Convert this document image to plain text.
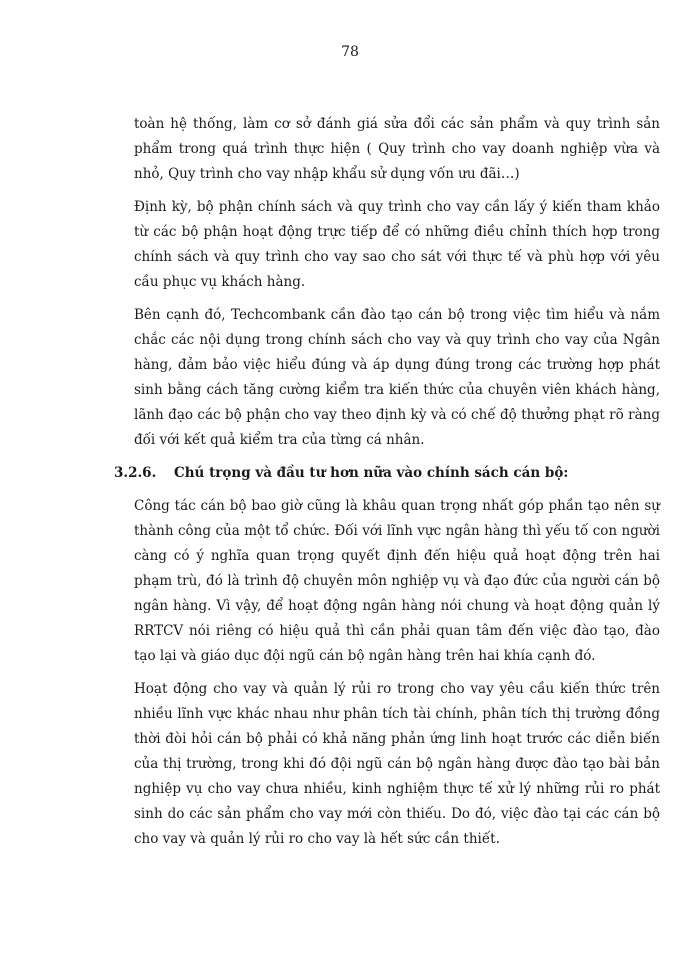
78

toàn hệ thống, làm cơ sở đánh giá sửa đổi các sản phẩm và quy trình sản phẩm trong quá trình thực hiện ( Quy trình cho vay doanh nghiệp vừa và nhỏ, Quy trình cho vay nhập khẩu sử dụng vốn ưu đãi…)

Định kỳ, bộ phận chính sách và quy trình cho vay cần lấy ý kiến tham khảo từ các bộ phận hoạt động trực tiếp để có những điều chỉnh thích hợp trong chính sách và quy trình cho vay sao cho sát với thực tế và phù hợp với yêu cầu phục vụ khách hàng.

Bên cạnh đó, Techcombank cần đào tạo cán bộ trong việc tìm hiểu và nắm chắc các nội dụng trong chính sách cho vay và quy trình cho vay của Ngân hàng, đảm bảo việc hiểu đúng và áp dụng đúng trong các trường hợp phát sinh bằng cách tăng cường kiểm tra kiến thức của chuyên viên khách hàng, lãnh đạo các bộ phận cho vay theo định kỳ và có chế độ thưởng phạt rõ ràng đối với kết quả kiểm tra của từng cá nhân.

3.2.6. Chú trọng và đầu tư hơn nữa vào chính sách cán bộ:

Công tác cán bộ bao giờ cũng là khâu quan trọng nhất góp phần tạo nên sự thành công của một tổ chức. Đối với lĩnh vực ngân hàng thì yếu tố con người càng có ý nghĩa quan trọng quyết định đến hiệu quả hoạt động trên hai phạm trù, đó là trình độ chuyên môn nghiệp vụ và đạo đức của người cán bộ ngân hàng. Vì vậy, để hoạt động ngân hàng nói chung và hoạt động quản lý RRTCV nói riêng có hiệu quả thì cần phải quan tâm đến việc đào tạo, đào tạo lại và giáo dục đội ngũ cán bộ ngân hàng trên hai khía cạnh đó.

Hoạt động cho vay và quản lý rủi ro trong cho vay yêu cầu kiến thức trên nhiều lĩnh vực khác nhau như phân tích tài chính, phân tích thị trường đồng thời đòi hỏi cán bộ phải có khả năng phản ứng linh hoạt trước các diễn biến của thị trường, trong khi đó đội ngũ cán bộ ngân hàng được đào tạo bài bản nghiệp vụ cho vay chưa nhiều, kinh nghiệm thực tế xử lý những rủi ro phát sinh do các sản phẩm cho vay mới còn thiếu. Do đó, việc đào tại các cán bộ cho vay và quản lý rủi ro cho vay là hết sức cần thiết.
